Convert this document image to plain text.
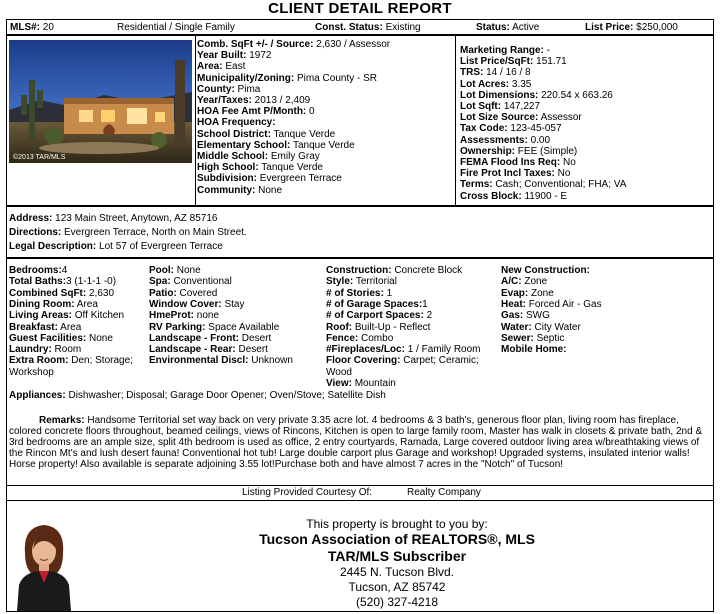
CLIENT DETAIL REPORT
MLS#: 20	Residential / Single Family	Const. Status: Existing	Status: Active	List Price: $250,000
©2013 TAR/MLS
Comb. SqFt +/- / Source: 2,630 / Assessor
Year Built: 1972
Area: East
Municipality/Zoning: Pima County - SR
County: Pima
Year/Taxes: 2013 / 2,409
HOA Fee Amt P/Month: 0
HOA Frequency:
School District: Tanque Verde
Elementary School: Tanque Verde
Middle School: Emily Gray
High School: Tanque Verde
Subdivision: Evergreen Terrace
Community: None
Marketing Range: -
List Price/SqFt: 151.71
TRS: 14 / 16 / 8
Lot Acres: 3.35
Lot Dimensions: 220.54 x 663.26
Lot Sqft: 147,227
Lot Size Source: Assessor
Tax Code: 123-45-057
Assessments: 0.00
Ownership: FEE (Simple)
FEMA Flood Ins Req: No
Fire Prot Incl Taxes: No
Terms: Cash; Conventional; FHA; VA
Cross Block: 11900 - E
Address: 123 Main Street, Anytown, AZ 85716
Directions: Evergreen Terrace, North on Main Street.
Legal Description: Lot 57 of Evergreen Terrace
Bedrooms:4
Total Baths:3 (1-1-1 -0)
Combined SqFt: 2,630
Dining Room: Area
Living Areas: Off Kitchen
Breakfast: Area
Guest Facilities: None
Laundry: Room
Extra Room: Den; Storage;
Workshop
Pool: None
Spa: Conventional
Patio: Covered
Window Cover: Stay
HmeProt: none
RV Parking: Space Available
Landscape - Front: Desert
Landscape - Rear: Desert
Environmental Discl: Unknown
Construction: Concrete Block
Style: Territorial
# of Stories: 1
# of Garage Spaces:1
# of Carport Spaces: 2
Roof: Built-Up - Reflect
Fence: Combo
#Fireplaces/Loc: 1 / Family Room
Floor Covering: Carpet; Ceramic;
Wood
View: Mountain
New Construction:
A/C: Zone
Evap: Zone
Heat: Forced Air - Gas
Gas: SWG
Water: City Water
Sewer: Septic
Mobile Home:
Appliances: Dishwasher; Disposal; Garage Door Opener; Oven/Stove; Satellite Dish
Remarks: Handsome Territorial set way back on very private 3.35 acre lot. 4 bedrooms & 3 bath's, generous floor plan, living room has fireplace, colored concrete floors throughout, beamed ceilings, views of Rincons, Kitchen is open to large family room, Master has walk in closets & private bath, 2nd & 3rd bedrooms are an ample size, split 4th bedroom is used as office, 2 entry courtyards, Ramada, Large covered outdoor living area w/breathtaking views of the Rincon Mt's and lush desert fauna! Conventional hot tub! Large double carport plus Garage and workshop! Upgraded systems, insulated interior walls! Horse property! Also available is separate adjoining 3.55 lot!Purchase both and have almost 7 acres in the "Notch" of Tucson!
Listing Provided Courtesy Of:	Realty Company
This property is brought to you by:
Tucson Association of REALTORS®, MLS
TAR/MLS Subscriber
2445 N. Tucson Blvd.
Tucson, AZ 85742
(520) 327-4218
